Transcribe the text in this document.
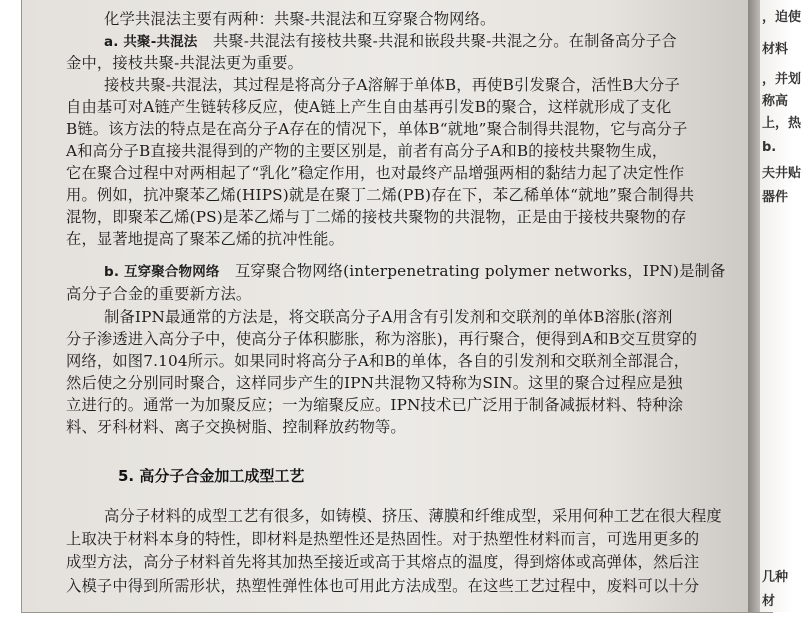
化学共混法主要有两种：共聚-共混法和互穿聚合物网络。
a. 共聚-共混法  共聚-共混法有接枝共聚-共混和嵌段共聚-共混之分。在制备高分子合
金中，接枝共聚-共混法更为重要。
接枝共聚-共混法，其过程是将高分子A溶解于单体B，再使B引发聚合，活性B大分子
自由基可对A链产生链转移反应，使A链上产生自由基再引发B的聚合，这样就形成了支化
B链。该方法的特点是在高分子A存在的情况下，单体B“就地”聚合制得共混物，它与高分子
A和高分子B直接共混得到的产物的主要区别是，前者有高分子A和B的接枝共聚物生成，
它在聚合过程中对两相起了“乳化”稳定作用，也对最终产品增强两相的黏结力起了决定性作
用。例如，抗冲聚苯乙烯(HIPS)就是在聚丁二烯(PB)存在下，苯乙稀单体“就地”聚合制得共
混物，即聚苯乙烯(PS)是苯乙烯与丁二烯的接枝共聚物的共混物，正是由于接枝共聚物的存
在，显著地提高了聚苯乙烯的抗冲性能。
b. 互穿聚合物网络  互穿聚合物网络(interpenetrating polymer networks，IPN)是制备
高分子合金的重要新方法。
制备IPN最通常的方法是，将交联高分子A用含有引发剂和交联剂的单体B溶胀(溶剂
分子渗透进入高分子中，使高分子体积膨胀，称为溶胀)，再行聚合，便得到A和B交互贯穿的
网络，如图7.104所示。如果同时将高分子A和B的单体，各自的引发剂和交联剂全部混合，
然后使之分别同时聚合，这样同步产生的IPN共混物又特称为SIN。这里的聚合过程应是独
立进行的。通常一为加聚反应；一为缩聚反应。IPN技术已广泛用于制备减振材料、特种涂
料、牙科材料、离子交换树脂、控制释放药物等。
高分子材料的成型工艺有很多，如铸模、挤压、薄膜和纤维成型，采用何种工艺在很大程度
上取决于材料本身的特性，即材料是热塑性还是热固性。对于热塑性材料而言，可选用更多的
成型方法，高分子材料首先将其加热至接近或高于其熔点的温度，得到熔体或高弹体，然后注
入模子中得到所需形状，热塑性弹性体也可用此方法成型。在这些工艺过程中，废料可以十分
5. 高分子合金加工成型工艺
，迫使
材料
，并划
称高
上，热
b.
夫井贴
器件
几种
材
